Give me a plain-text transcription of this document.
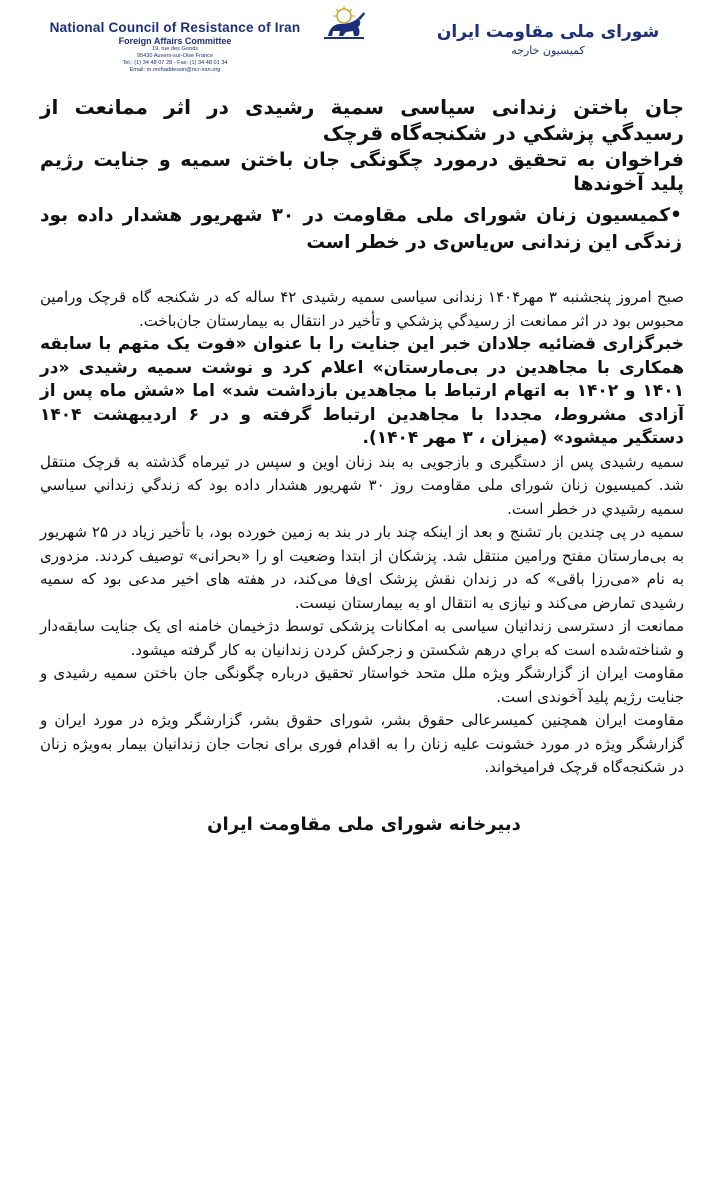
National Council of Resistance of Iran
Foreign Affairs Committee
19, rue des Gonds
95430 Auvers-sur-Oise France
Tel.: (1) 34 48 07 28 - Fax: (1) 34 48 01 34
Email: m.mohaddessin@ncr-iran.org
شورای ملی مقاومت ایران
کمیسیون خارجه
جان باختن زندانی سیاسی سمیة رشیدی در اثر ممانعت از رسیدگي پزشکي در شکنجه‌گاه قرچک
فراخوان به تحقیق درمورد چگونگی جان باختن سمیه و جنایت رژیم پلید آخوندها
•کمیسیون زنان شورای ملی مقاومت در ۳۰ شهریور هشدار داده بود زندگی این زندانی س‌یاس‌ی در خطر است
صبح امروز پنجشنبه ۳ مهر۱۴۰۴ زندانی سیاسی سمیه رشیدی ۴۲ ساله که در شکنجه گاه قرچک ورامین محبوس بود در اثر ممانعت از رسیدگي پزشکي و تأخیر در انتقال به بیمارستان جان‌باخت.
خبرگزاری قضائیه جلادان خبر این جنایت را با عنوان «فوت یک متهم با سابقه همکاری با مجاهدین در بی‌مارستان» اعلام کرد و نوشت سمیه رشیدی «در ۱۴۰۱ و ۱۴۰۲ به اتهام ارتباط با مجاهدین بازداشت شد» اما «شش ماه پس از آزادی مشروط، مجددا با مجاهدین ارتباط گرفته و در ۶ اردیبهشت ۱۴۰۴ دستگیر میشود» (میزان ، ۳ مهر ۱۴۰۴).
سمیه رشیدی پس از دستگیری و بازجویی به بند زنان اوین و سپس در تیرماه گذشته به قرچک منتقل شد. کمیسیون زنان شورای ملی مقاومت روز ۳۰ شهریور هشدار داده بود که زندگي زنداني سياسي سميه رشيدي در خطر است.
سمیه در پی چندین بار تشنج و بعد از اینکه چند بار در بند به زمین خورده بود، با تأخیر زیاد در ۲۵ شهریور به بی‌مارستان مفتح ورامین منتقل شد. پزشکان از ابتدا وضعیت او را «بحرانی» توصیف کردند. مزدوری به نام «می‌رزا باقی» که در زندان نقش پزشک ای‌فا می‌کند، در هفته های اخیر مدعی بود که سمیه رشیدی تمارض می‌کند و نیازی به انتقال او به بیمارستان نیست.
ممانعت از دسترسی زندانیان سیاسی به امکانات پزشکی توسط دژخیمان خامنه ای یک جنایت سابقه‌دار و شناخته‌شده است که براي درهم شکستن و زجرکش کردن زندانیان به کار گرفته میشود.
مقاومت ایران از گزارشگر ویژه ملل متحد خواستار تحقیق درباره چگونگی جان باختن سمیه رشیدی و جنایت رژیم پلید آخوندی است.
مقاومت ایران همچنین کمیسرعالی حقوق بشر، شورای حقوق بشر، گزارشگر ویژه در مورد ایران و گزارشگر ویژه در مورد خشونت علیه زنان را به اقدام فوری برای نجات جان زندانیان بیمار به‌ویژه زنان در شکنجه‌گاه قرچک فرامیخواند.
دبیرخانه شورای ملی مقاومت ایران
